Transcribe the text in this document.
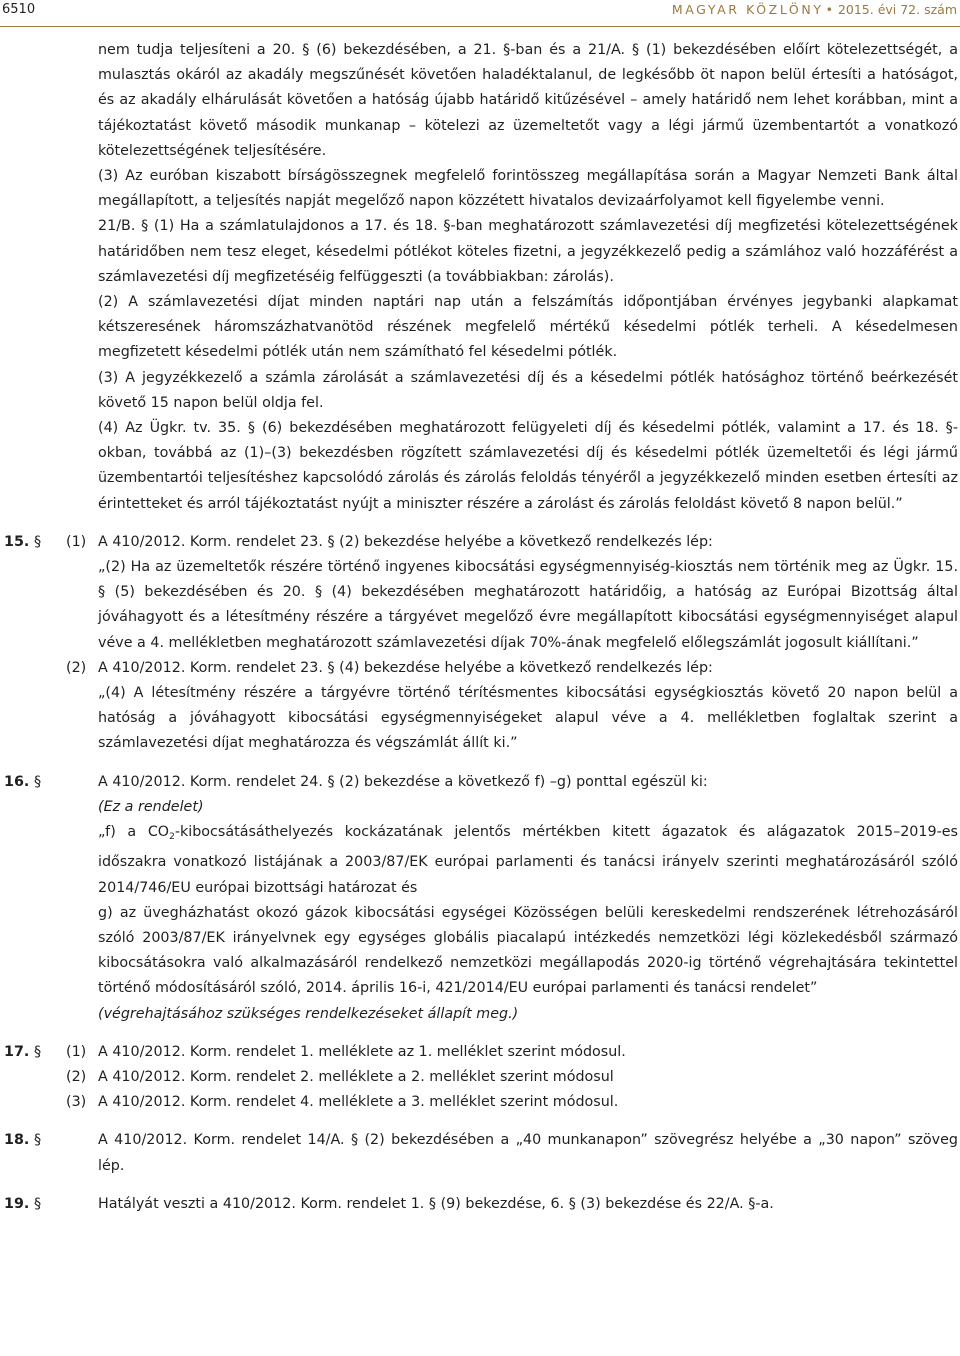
6510	MAGYAR KÖZLÖNY • 2015. évi 72. szám

nem tudja teljesíteni a 20. § (6) bekezdésében, a 21. §-ban és a 21/A. § (1) bekezdésében előírt kötelezettségét, a mulasztás okáról az akadály megszűnését követően haladéktalanul, de legkésőbb öt napon belül értesíti a hatóságot, és az akadály elhárulását követően a hatóság újabb határidő kitűzésével – amely határidő nem lehet korábban, mint a tájékoztatást követő második munkanap – kötelezi az üzemeltetőt vagy a légi jármű üzembentartót a vonatkozó kötelezettségének teljesítésére.

(3) Az euróban kiszabott bírságösszegnek megfelelő forintösszeg megállapítása során a Magyar Nemzeti Bank által megállapított, a teljesítés napját megelőző napon közzétett hivatalos devizaárfolyamot kell figyelembe venni.

21/B. § (1) Ha a számlatulajdonos a 17. és 18. §-ban meghatározott számlavezetési díj megfizetési kötelezettségének határidőben nem tesz eleget, késedelmi pótlékot köteles fizetni, a jegyzékkezelő pedig a számlához való hozzáférést a számlavezetési díj megfizetéséig felfüggeszti (a továbbiakban: zárolás).

(2) A számlavezetési díjat minden naptári nap után a felszámítás időpontjában érvényes jegybanki alapkamat kétszeresének háromszázhatvanötöd részének megfelelő mértékű késedelmi pótlék terheli. A késedelmesen megfizetett késedelmi pótlék után nem számítható fel késedelmi pótlék.

(3) A jegyzékkezelő a számla zárolását a számlavezetési díj és a késedelmi pótlék hatósághoz történő beérkezését követő 15 napon belül oldja fel.

(4) Az Ügkr. tv. 35. § (6) bekezdésében meghatározott felügyeleti díj és késedelmi pótlék, valamint a 17. és 18. §-okban, továbbá az (1)–(3) bekezdésben rögzített számlavezetési díj és késedelmi pótlék üzemeltetői és légi jármű üzembentartói teljesítéshez kapcsolódó zárolás és zárolás feloldás tényéről a jegyzékkezelő minden esetben értesíti az érintetteket és arról tájékoztatást nyújt a miniszter részére a zárolást és zárolás feloldást követő 8 napon belül.”

15. § (1) A 410/2012. Korm. rendelet 23. § (2) bekezdése helyébe a következő rendelkezés lép:

„(2) Ha az üzemeltetők részére történő ingyenes kibocsátási egységmennyiség-kiosztás nem történik meg az Ügkr. 15. § (5) bekezdésében és 20. § (4) bekezdésében meghatározott határidőig, a hatóság az Európai Bizottság által jóváhagyott és a létesítmény részére a tárgyévet megelőző évre megállapított kibocsátási egységmennyiséget alapul véve a 4. mellékletben meghatározott számlavezetési díjak 70%-ának megfelelő előlegszámlát jogosult kiállítani.”

(2) A 410/2012. Korm. rendelet 23. § (4) bekezdése helyébe a következő rendelkezés lép:

„(4) A létesítmény részére a tárgyévre történő térítésmentes kibocsátási egységkiosztás követő 20 napon belül a hatóság a jóváhagyott kibocsátási egységmennyiségeket alapul véve a 4. mellékletben foglaltak szerint a számlavezetési díjat meghatározza és végszámlát állít ki.”

16. §	A 410/2012. Korm. rendelet 24. § (2) bekezdése a következő f) –g) ponttal egészül ki:

(Ez a rendelet)

„f) a $CO_2$-kibocsátásáthelyezés kockázatának jelentős mértékben kitett ágazatok és alágazatok 2015–2019-es időszakra vonatkozó listájának a 2003/87/EK európai parlamenti és tanácsi irányelv szerinti meghatározásáról szóló 2014/746/EU európai bizottsági határozat és

g) az üvegházhatást okozó gázok kibocsátási egységei Közösségen belüli kereskedelmi rendszerének létrehozásáról szóló 2003/87/EK irányelvnek egy egységes globális piacalapú intézkedés nemzetközi légi közlekedésből származó kibocsátásokra való alkalmazásáról rendelkező nemzetközi megállapodás 2020-ig történő végrehajtására tekintettel történő módosításáról szóló, 2014. április 16-i, 421/2014/EU európai parlamenti és tanácsi rendelet”

(végrehajtásához szükséges rendelkezéseket állapít meg.)

17. § (1) A 410/2012. Korm. rendelet 1. melléklete az 1. melléklet szerint módosul.

(2) A 410/2012. Korm. rendelet 2. melléklete a 2. melléklet szerint módosul

(3) A 410/2012. Korm. rendelet 4. melléklete a 3. melléklet szerint módosul.

18. §	A 410/2012. Korm. rendelet 14/A. § (2) bekezdésében a „40 munkanapon” szövegrész helyébe a „30 napon” szöveg lép.

19. §	Hatályát veszti a 410/2012. Korm. rendelet 1. § (9) bekezdése, 6. § (3) bekezdése és 22/A. §-a.
